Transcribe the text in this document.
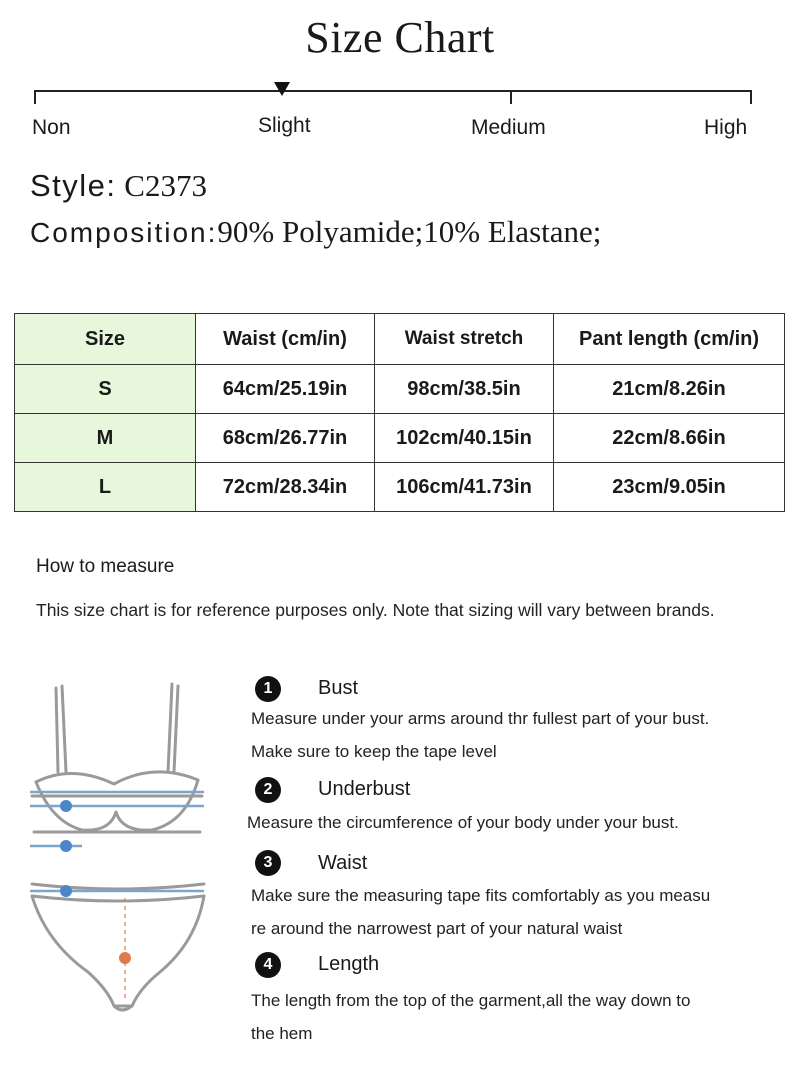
Size Chart
Non	Slight	Medium	High
Style: C2373
Composition:90% Polyamide;10% Elastane;
Size	Waist (cm/in)	Waist stretch	Pant length (cm/in)
S	64cm/25.19in	98cm/38.5in	21cm/8.26in
M	68cm/26.77in	102cm/40.15in	22cm/8.66in
L	72cm/28.34in	106cm/41.73in	23cm/9.05in
How to measure
This size chart is for reference purposes only. Note that sizing will vary between brands.
1	Bust
Measure under your arms around thr fullest part of your bust.
Make sure to keep the tape level
2	Underbust
Measure the circumference of your body under your bust.
3	Waist
Make sure the measuring tape fits comfortably as you measu
re around the narrowest part of your natural waist
4	Length
The length from the top of the garment,all the way down to
the hem
